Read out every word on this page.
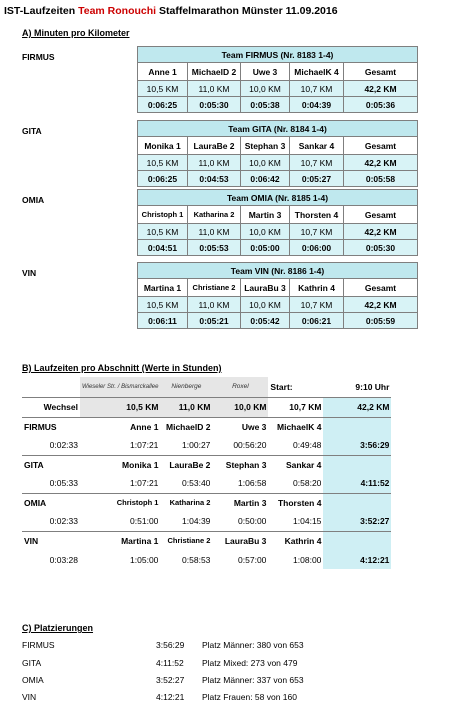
IST-Laufzeiten Team Ronouchi Staffelmarathon Münster 11.09.2016
A) Minuten pro Kilometer
FIRMUS	Team FIRMUS (Nr. 8183 1-4)				
Anne 1	MichaelD 2	Uwe 3	MichaelK 4	Gesamt
10,5 KM	11,0 KM	10,0 KM	10,7 KM	42,2 KM
0:06:25	0:05:30	0:05:38	0:04:39	0:05:36
GITA	Team GITA (Nr. 8184 1-4)				
Monika 1	LauraBe 2	Stephan 3	Sankar 4	Gesamt
10,5 KM	11,0 KM	10,0 KM	10,7 KM	42,2 KM
0:06:25	0:04:53	0:06:42	0:05:27	0:05:58
OMIA	Team OMIA (Nr. 8185 1-4)				
Christoph 1	Katharina 2	Martin 3	Thorsten 4	Gesamt
10,5 KM	11,0 KM	10,0 KM	10,7 KM	42,2 KM
0:04:51	0:05:53	0:05:00	0:06:00	0:05:30
VIN	Team VIN (Nr. 8186 1-4)				
Martina 1	Christiane 2	LauraBu 3	Kathrin 4	Gesamt
10,5 KM	11,0 KM	10,0 KM	10,7 KM	42,2 KM
0:06:11	0:05:21	0:05:42	0:06:21	0:05:59
B) Laufzeiten pro Abschnitt (Werte in Stunden)
	Wieseler Str. / Bismarckallee	Nienberge	Roxel	Start:	9:10 Uhr
Wechsel	10,5 KM	11,0 KM	10,0 KM	10,7 KM	42,2 KM
FIRMUS	Anne 1	MichaelD 2	Uwe 3	MichaelK 4	
0:02:33	1:07:21	1:00:27	00:56:20	0:49:48	3:56:29
GITA	Monika 1	LauraBe 2	Stephan 3	Sankar 4	
0:05:33	1:07:21	0:53:40	1:06:58	0:58:20	4:11:52
OMIA	Christoph 1	Katharina 2	Martin 3	Thorsten 4	
0:02:33	0:51:00	1:04:39	0:50:00	1:04:15	3:52:27
VIN	Martina 1	Christiane 2	LauraBu 3	Kathrin 4	
0:03:28	1:05:00	0:58:53	0:57:00	1:08:00	4:12:21
C) Platzierungen
FIRMUS	3:56:29 Platz Männer: 380 von 653
GITA	4:11:52 Platz Mixed: 273 von 479
OMIA	3:52:27 Platz Männer: 337 von 653
VIN	4:12:21 Platz Frauen: 58 von 160
